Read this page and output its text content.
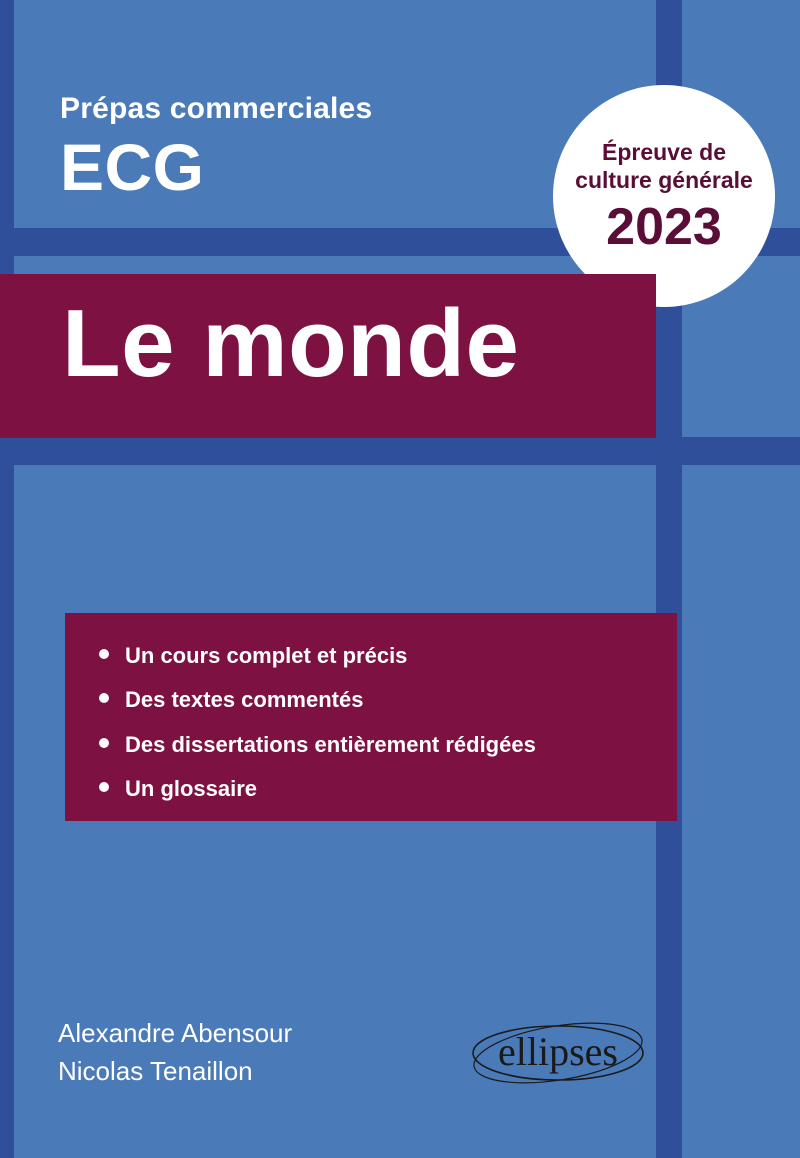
Prépas commerciales
ECG	Épreuve de
culture générale
2023
Le monde
Un cours complet et précis
Des textes commentés
Des dissertations entièrement rédigées
Un glossaire
Alexandre Abensour
Nicolas Tenaillon	ellipses
